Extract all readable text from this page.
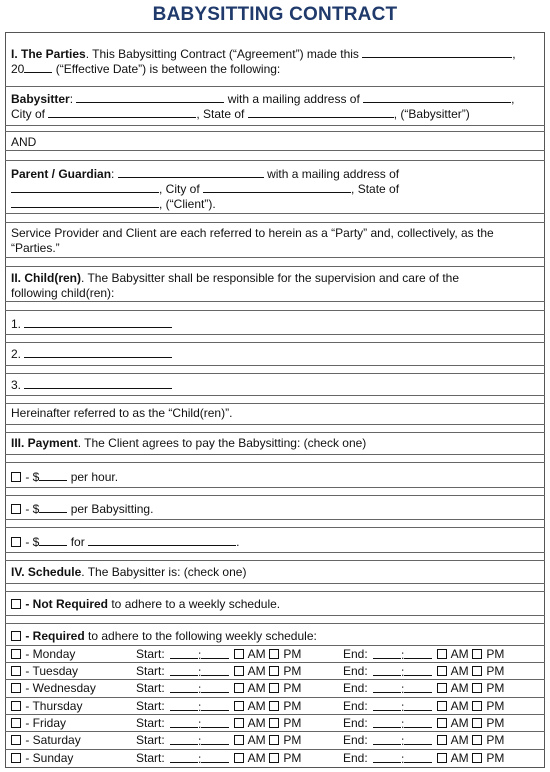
BABYSITTING CONTRACT
I. The Parties. This Babysitting Contract (“Agreement”) made this	,
20	(“Effective Date”) is between the following:
Babysitter:	with a mailing address of	,
City of	, State of	, (“Babysitter”)
AND
Parent / Guardian:	with a mailing address of
, City of	, State of
, (“Client”).
Service Provider and Client are each referred to herein as a “Party” and, collectively, as the
“Parties.”
II. Child(ren). The Babysitter shall be responsible for the supervision and care of the
following child(ren):
1.
2.
3.
Hereinafter referred to as the “Child(ren)”.
III. Payment. The Client agrees to pay the Babysitting: (check one)
- $	per hour.
- $	per Babysitting.
- $	for	.
IV. Schedule. The Babysitter is: (check one)
- Not Required to adhere to a weekly schedule.
- Required to adhere to the following weekly schedule:
- Monday	Start:	:	AM PM	End:	:	AM PM
- Tuesday	Start:	:	AM PM	End:	:	AM PM
- Wednesday	Start:	:	AM PM	End:	:	AM PM
- Thursday	Start:	:	AM PM	End:	:	AM PM
- Friday	Start:	:	AM PM	End:	:	AM PM
- Saturday	Start:	:	AM PM	End:	:	AM PM
- Sunday	Start:	:	AM PM	End:	:	AM PM
